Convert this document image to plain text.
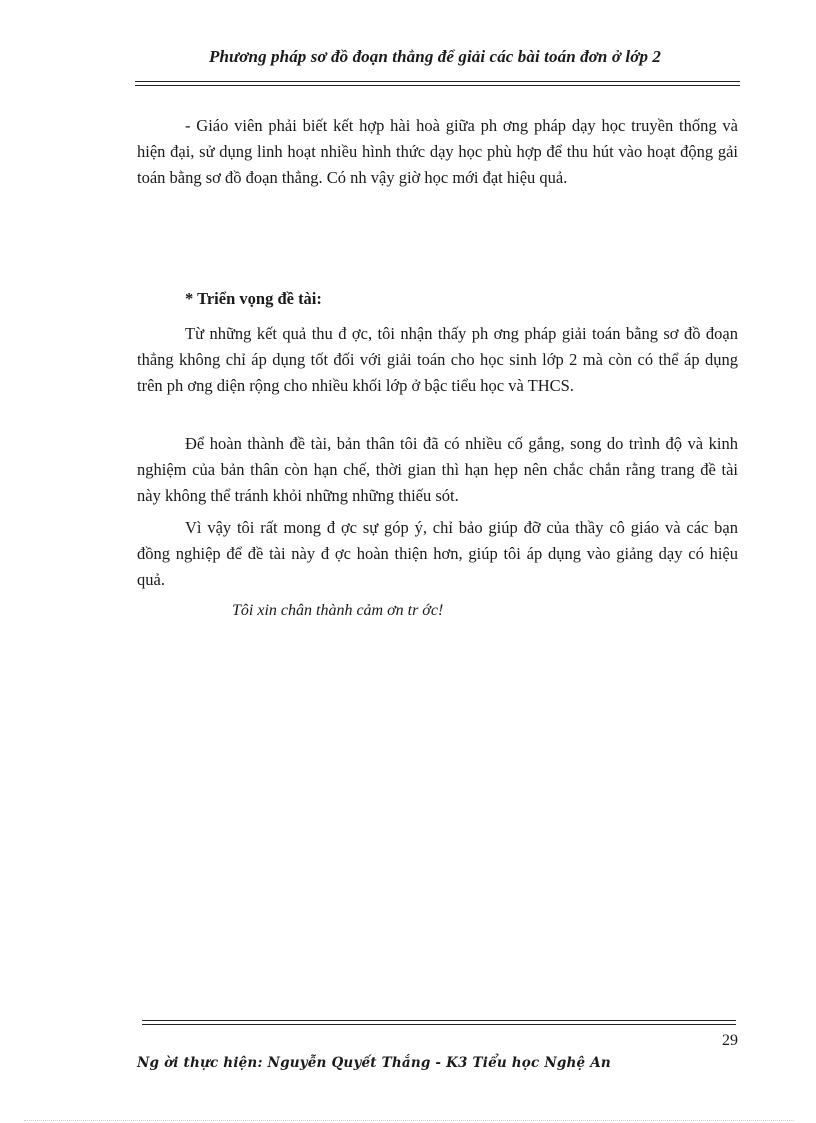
Phương pháp sơ đồ đoạn thẳng để giải các bài toán đơn ở lớp 2

- Giáo viên phải biết kết hợp hài hoà giữa ph ơng pháp dạy học truyền thống và hiện đại, sử dụng linh hoạt nhiều hình thức dạy học phù hợp để thu hút vào hoạt động gải toán bằng sơ đồ đoạn thẳng. Có nh vậy giờ học mới đạt hiệu quả.

* Triển vọng đề tài:

Từ những kết quả thu đ ợc, tôi nhận thấy ph ơng pháp giải toán bằng sơ đồ đoạn thẳng không chỉ áp dụng tốt đối với giải toán cho học sinh lớp 2 mà còn có thể áp dụng trên ph ơng diện rộng cho nhiều khối lớp ở bậc tiểu học và THCS.

Để hoàn thành đề tài, bản thân tôi đã có nhiều cố gắng, song do trình độ và kinh nghiệm của bản thân còn hạn chế, thời gian thì hạn hẹp nên chắc chắn rằng trang đề tài này không thể tránh khỏi những những thiếu sót.

Vì vậy tôi rất mong đ ợc sự góp ý, chỉ bảo giúp đỡ của thầy cô giáo và các bạn đồng nghiệp để đề tài này đ ợc hoàn thiện hơn, giúp tôi áp dụng vào giảng dạy có hiệu quả.

Tôi xin chân thành cảm ơn tr ớc!
29
Ng ời thực hiện: Nguyễn Quyết Thắng - K3 Tiểu học Nghệ An
